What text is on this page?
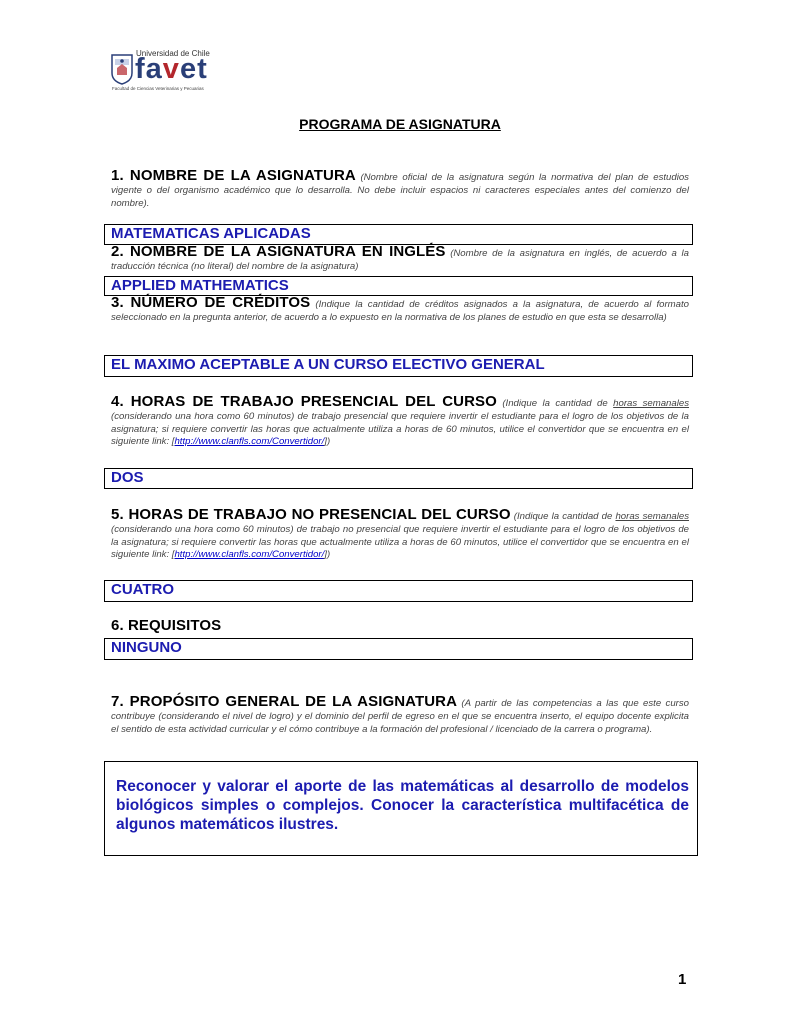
Universidad de Chile
favet
Facultad de Ciencias Veterinarias y Pecuarias
PROGRAMA DE ASIGNATURA
1. NOMBRE DE LA ASIGNATURA (Nombre oficial de la asignatura según la normativa del plan de estudios vigente o del organismo académico que lo desarrolla. No debe incluir espacios ni caracteres especiales antes del comienzo del nombre).
MATEMATICAS APLICADAS
2. NOMBRE DE LA ASIGNATURA EN INGLÉS (Nombre de la asignatura en inglés, de acuerdo a la traducción técnica (no literal) del nombre de la asignatura)
APPLIED MATHEMATICS
3. NÚMERO DE CRÉDITOS (Indique la cantidad de créditos asignados a la asignatura, de acuerdo al formato seleccionado en la pregunta anterior, de acuerdo a lo expuesto en la normativa de los planes de estudio en que esta se desarrolla)
EL MAXIMO ACEPTABLE A UN CURSO ELECTIVO GENERAL
4. HORAS DE TRABAJO PRESENCIAL DEL CURSO (Indique la cantidad de horas semanales (considerando una hora como 60 minutos) de trabajo presencial que requiere invertir el estudiante para el logro de los objetivos de la asignatura; si requiere convertir las horas que actualmente utiliza a horas de 60 minutos, utilice el convertidor que se encuentra en el siguiente link: [http://www.clanfls.com/Convertidor/])
DOS
5. HORAS DE TRABAJO NO PRESENCIAL DEL CURSO (Indique la cantidad de horas semanales (considerando una hora como 60 minutos) de trabajo no presencial que requiere invertir el estudiante para el logro de los objetivos de la asignatura; si requiere convertir las horas que actualmente utiliza a horas de 60 minutos, utilice el convertidor que se encuentra en el siguiente link: [http://www.clanfls.com/Convertidor/])
CUATRO
6. REQUISITOS
NINGUNO
7. PROPÓSITO GENERAL DE LA ASIGNATURA (A partir de las competencias a las que este curso contribuye (considerando el nivel de logro) y el dominio del perfil de egreso en el que se encuentra inserto, el equipo docente explicita el sentido de esta actividad curricular y el cómo contribuye a la formación del profesional / licenciado de la carrera o programa).
Reconocer y valorar el aporte de las matemáticas al desarrollo de modelos biológicos simples o complejos. Conocer la característica multifacética de algunos matemáticos ilustres.
1
